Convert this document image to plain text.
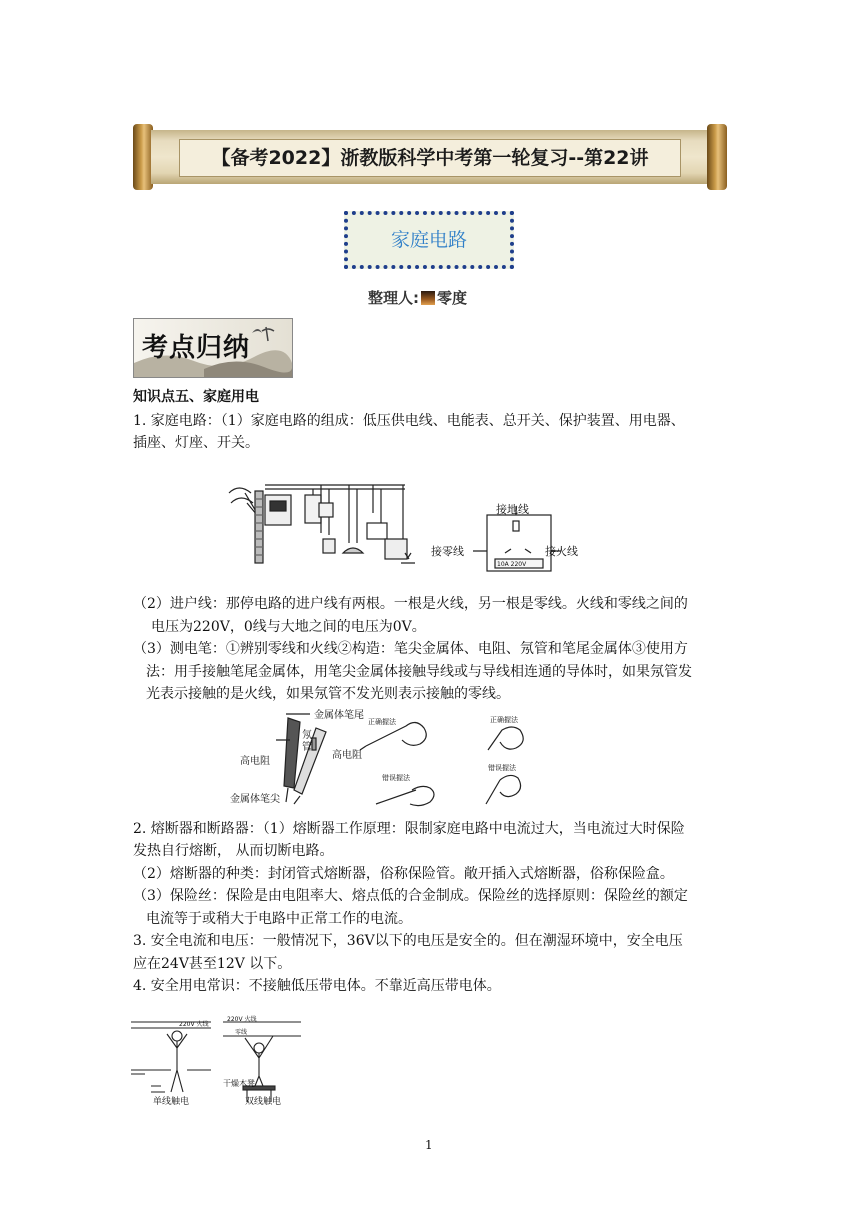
【备考2022】浙教版科学中考第一轮复习--第22讲
家庭电路
整理人: 零度
考点归纳
知识点五、家庭用电
1. 家庭电路：（1）家庭电路的组成：低压供电线、电能表、总开关、保护装置、用电器、
插座、灯座、开关。
接地线
接零线	接火线
10A 220V
（2）进户线：那停电路的进户线有两根。一根是火线，另一根是零线。火线和零线之间的
电压为220V，0线与大地之间的电压为0V。
（3）测电笔：①辨别零线和火线②构造：笔尖金属体、电阻、氖管和笔尾金属体③使用方
法：用手接触笔尾金属体，用笔尖金属体接触导线或与导线相连通的导体时，如果氖管发
光表示接触的是火线，如果氖管不发光则表示接触的零线。
金属体笔尾
氖
管
高电阻
高电阻
金属体笔尖
正确握法	正确握法
错误握法
错误握法
2. 熔断器和断路器：（1）熔断器工作原理：限制家庭电路中电流过大，当电流过大时保险
发热自行熔断， 从而切断电路。
（2）熔断器的种类：封闭管式熔断器，俗称保险管。敞开插入式熔断器，俗称保险盒。
（3）保险丝：保险是由电阻率大、熔点低的合金制成。保险丝的选择原则：保险丝的额定
电流等于或稍大于电路中正常工作的电流。
3. 安全电流和电压：一般情况下，36V以下的电压是安全的。但在潮湿环境中，安全电压
应在24V甚至12V 以下。
4. 安全用电常识：不接触低压带电体。不靠近高压带电体。
220V 火线
220V 火线
零线
干燥木凳
单线触电	双线触电
1
